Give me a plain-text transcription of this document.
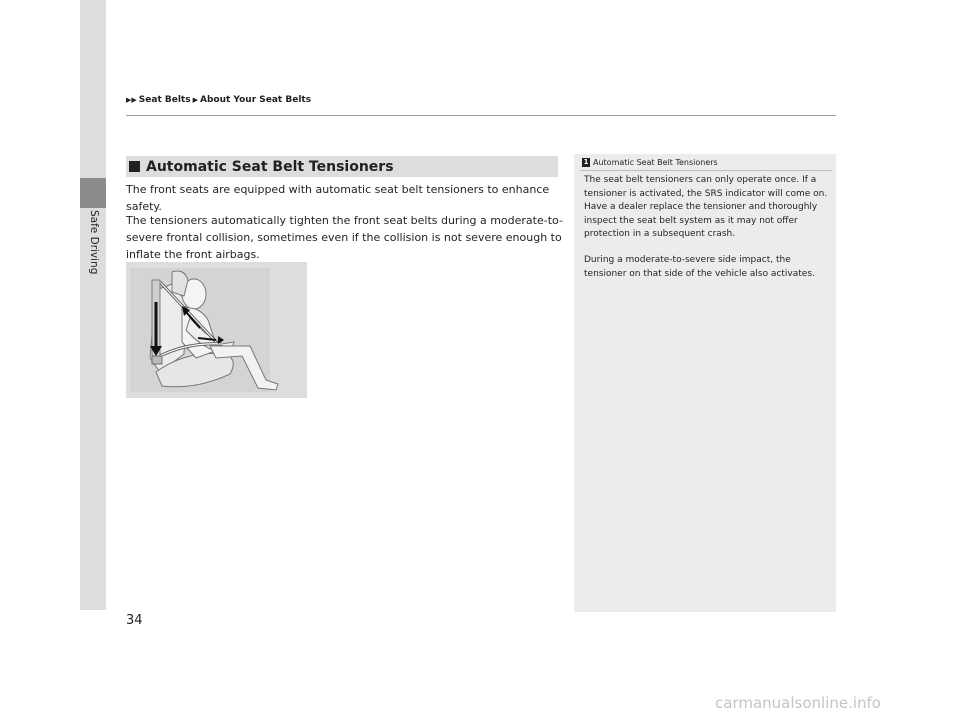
Safe Driving
▶▶ Seat Belts ▶ About Your Seat Belts
Automatic Seat Belt Tensioners

The front seats are equipped with automatic seat belt tensioners to enhance safety.

The tensioners automatically tighten the front seat belts during a moderate-to-severe frontal collision, sometimes even if the collision is not severe enough to inflate the front airbags.

1 Automatic Seat Belt Tensioners

The seat belt tensioners can only operate once. If a tensioner is activated, the SRS indicator will come on. Have a dealer replace the tensioner and thoroughly inspect the seat belt system as it may not offer protection in a subsequent crash.

During a moderate-to-severe side impact, the tensioner on that side of the vehicle also activates.

34
carmanualsonline.info
